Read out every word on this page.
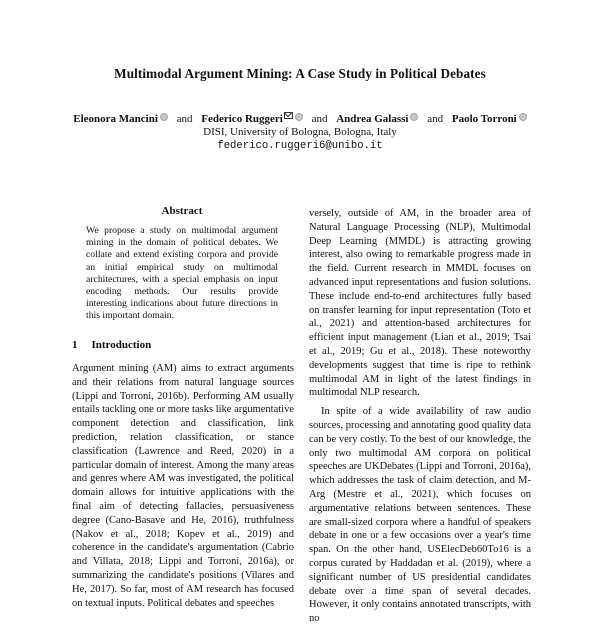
Multimodal Argument Mining: A Case Study in Political Debates
Eleonora Mancini and Federico Ruggeri	and Andrea Galassi and Paolo Torroni
DISI, University of Bologna, Bologna, Italy
federico.ruggeri6@unibo.it
Abstract
We propose a study on multimodal argument mining in the domain of political debates. We collate and extend existing corpora and provide an initial empirical study on multimodal architectures, with a special emphasis on input encoding methods. Our results provide interesting indications about future directions in this important domain.
1 Introduction

Argument mining (AM) aims to extract arguments and their relations from natural language sources (Lippi and Torroni, 2016b). Performing AM usually entails tackling one or more tasks like argumentative component detection and classification, link prediction, relation classification, or stance classification (Lawrence and Reed, 2020) in a particular domain of interest. Among the many areas and genres where AM was investigated, the political domain allows for intuitive applications with the final aim of detecting fallacies, persuasiveness degree (Cano-Basave and He, 2016), truthfulness (Nakov et al., 2018; Kopev et al., 2019) and coherence in the candidate's argumentation (Cabrio and Villata, 2018; Lippi and Torroni, 2016a), or summarizing the candidate's positions (Vilares and He, 2017). So far, most of AM research has focused on textual inputs. Political debates and speeches

versely, outside of AM, in the broader area of Natural Language Processing (NLP), Multimodal Deep Learning (MMDL) is attracting growing interest, also owing to remarkable progress made in the field. Current research in MMDL focuses on advanced input representations and fusion solutions. These include end-to-end architectures fully based on transfer learning for input representation (Toto et al., 2021) and attention-based architectures for efficient input management (Lian et al., 2019; Tsai et al., 2019; Gu et al., 2018). These noteworthy developments suggest that time is ripe to rethink multimodal AM in light of the latest findings in multimodal NLP research.

In spite of a wide availability of raw audio sources, processing and annotating good quality data can be very costly. To the best of our knowledge, the only two multimodal AM corpora on political speeches are UKDebates (Lippi and Torroni, 2016a), which addresses the task of claim detection, and M-Arg (Mestre et al., 2021), which focuses on argumentative relations between sentences. These are small-sized corpora where a handful of speakers debate in one or a few occasions over a year's time span. On the other hand, USElecDeb60To16 is a corpus curated by Haddadan et al. (2019), where a significant number of US presidential candidates debate over a time span of several decades. However, it only contains annotated transcripts, with no
